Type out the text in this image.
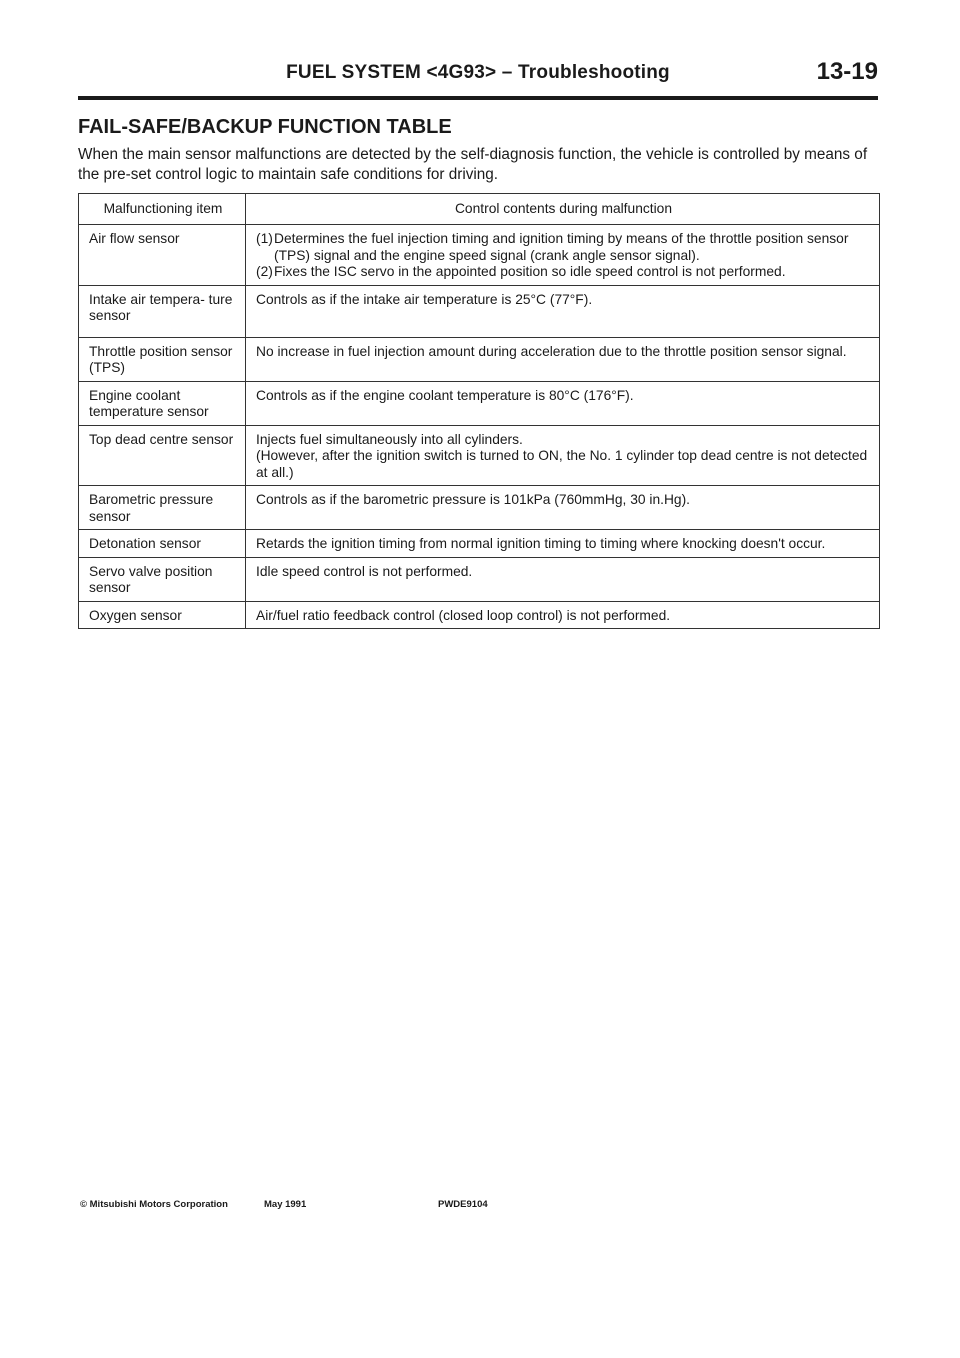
FUEL SYSTEM <4G93> – Troubleshooting	13-19
FAIL-SAFE/BACKUP FUNCTION TABLE
When the main sensor malfunctions are detected by the self-diagnosis function, the vehicle is controlled by means of the pre-set control logic to maintain safe conditions for driving.
Malfunctioning item	Control contents during malfunction

Air flow sensor	(1) Determines the fuel injection timing and ignition timing by means of the throttle position sensor (TPS) signal and the engine speed signal (crank angle sensor signal).
(2) Fixes the ISC servo in the appointed position so idle speed control is not performed.

Intake air tempera- ture sensor	Controls as if the intake air temperature is 25°C (77°F).

Throttle position sensor (TPS)	No increase in fuel injection amount during acceleration due to the throttle position sensor signal.

Engine coolant temperature sensor	Controls as if the engine coolant temperature is 80°C (176°F).

Top dead centre sensor	Injects fuel simultaneously into all cylinders.
(However, after the ignition switch is turned to ON, the No. 1 cylinder top dead centre is not detected at all.)

Barometric pressure sensor	Controls as if the barometric pressure is 101kPa (760mmHg, 30 in.Hg).

Detonation sensor	Retards the ignition timing from normal ignition timing to timing where knocking doesn't occur.

Servo valve position sensor	Idle speed control is not performed.

Oxygen sensor	Air/fuel ratio feedback control (closed loop control) is not performed.
© Mitsubishi Motors Corporation	May 1991	PWDE9104
